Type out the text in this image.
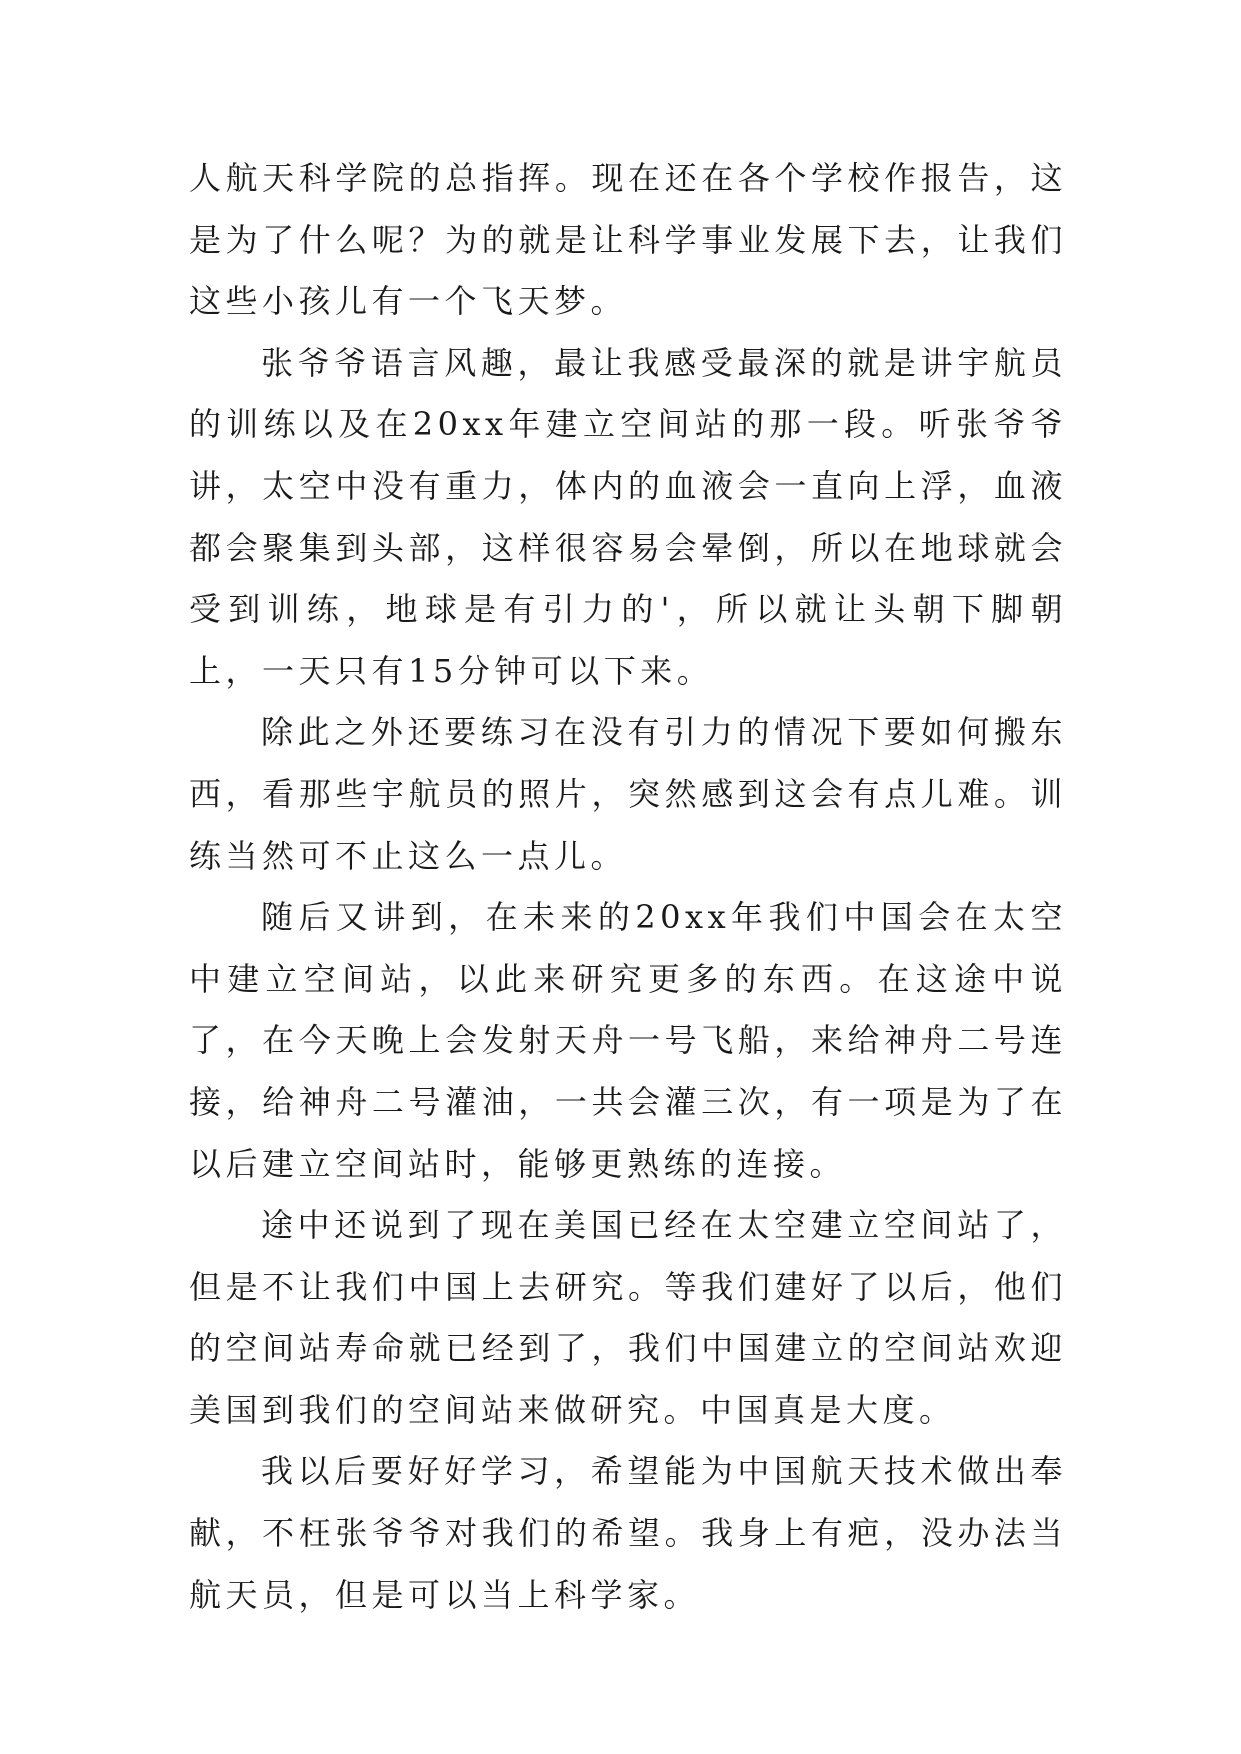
人航天科学院的总指挥。现在还在各个学校作报告，这是为了什么呢？为的就是让科学事业发展下去，让我们这些小孩儿有一个飞天梦。

张爷爷语言风趣，最让我感受最深的就是讲宇航员的训练以及在20xx年建立空间站的那一段。听张爷爷讲，太空中没有重力，体内的血液会一直向上浮，血液都会聚集到头部，这样很容易会晕倒，所以在地球就会受到训练，地球是有引力的'，所以就让头朝下脚朝上，一天只有15分钟可以下来。

除此之外还要练习在没有引力的情况下要如何搬东西，看那些宇航员的照片，突然感到这会有点儿难。训练当然可不止这么一点儿。

随后又讲到，在未来的20xx年我们中国会在太空中建立空间站，以此来研究更多的东西。在这途中说了，在今天晚上会发射天舟一号飞船，来给神舟二号连接，给神舟二号灌油，一共会灌三次，有一项是为了在以后建立空间站时，能够更熟练的连接。

途中还说到了现在美国已经在太空建立空间站了，但是不让我们中国上去研究。等我们建好了以后，他们的空间站寿命就已经到了，我们中国建立的空间站欢迎美国到我们的空间站来做研究。中国真是大度。

我以后要好好学习，希望能为中国航天技术做出奉献，不枉张爷爷对我们的希望。我身上有疤，没办法当航天员，但是可以当上科学家。
